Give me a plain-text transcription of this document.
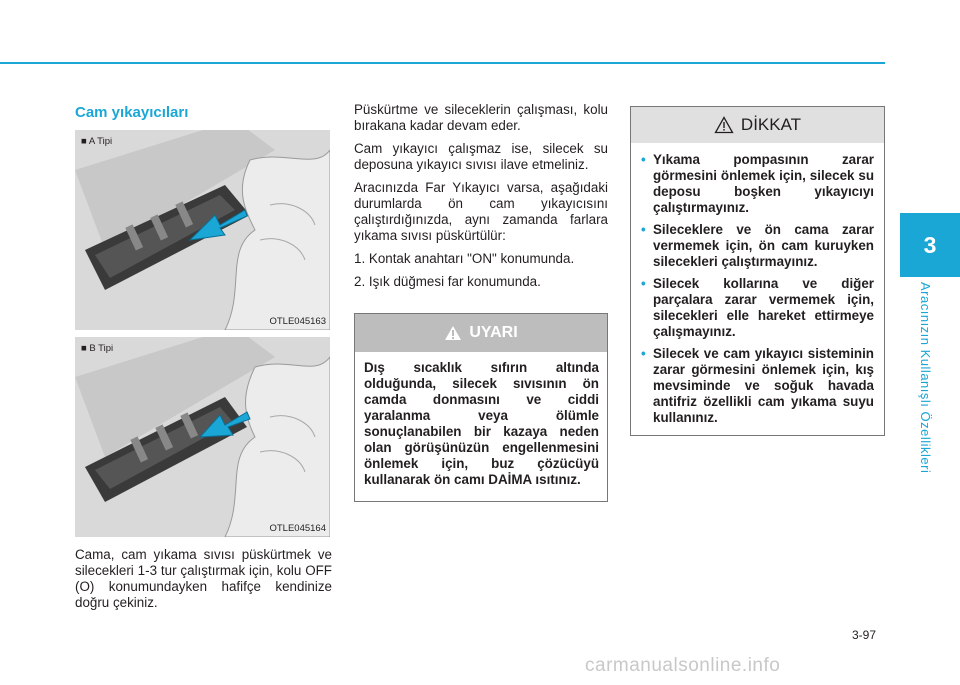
3
Aracınızın Kullanışlı Özellikleri
Cam yıkayıcıları
■ A Tipi
OTLE045163
■ B Tipi
OTLE045164

Cama, cam yıkama sıvısı püskürtmek ve silecekleri 1-3 tur çalıştırmak için, kolu OFF (O) konumundayken hafifçe kendinize doğru çekiniz.

Püskürtme ve sileceklerin çalışması, kolu bırakana kadar devam eder.

Cam yıkayıcı çalışmaz ise, silecek su deposuna yıkayıcı sıvısı ilave etmeliniz.

Aracınızda Far Yıkayıcı varsa, aşağıdaki durumlarda ön cam yıkayıcısını çalıştırdığınızda, aynı zamanda farlara yıkama sıvısı püskürtülür:

1. Kontak anahtarı "ON" konumunda.

2. Işık düğmesi far konumunda.

UYARI
Dış sıcaklık sıfırın altında olduğunda, silecek sıvısının ön camda donmasını ve ciddi yaralanma veya ölümle sonuçlanabilen bir kazaya neden olan görüşünüzün engellenmesini önlemek için, buz çözücüyü kullanarak ön camı DAİMA ısıtınız.
DİKKAT
• Yıkama pompasının zarar görmesini önlemek için, silecek su deposu boşken yıkayıcıyı çalıştırmayınız.
• Sileceklere ve ön cama zarar vermemek için, ön cam kuruyken silecekleri çalıştırmayınız.
• Silecek kollarına ve diğer parçalara zarar vermemek için, silecekleri elle hareket ettirmeye çalışmayınız.
• Silecek ve cam yıkayıcı sisteminin zarar görmesini önlemek için, kış mevsiminde ve soğuk havada antifriz özellikli cam yıkama suyu kullanınız.
3-97
carmanualsonline.info
